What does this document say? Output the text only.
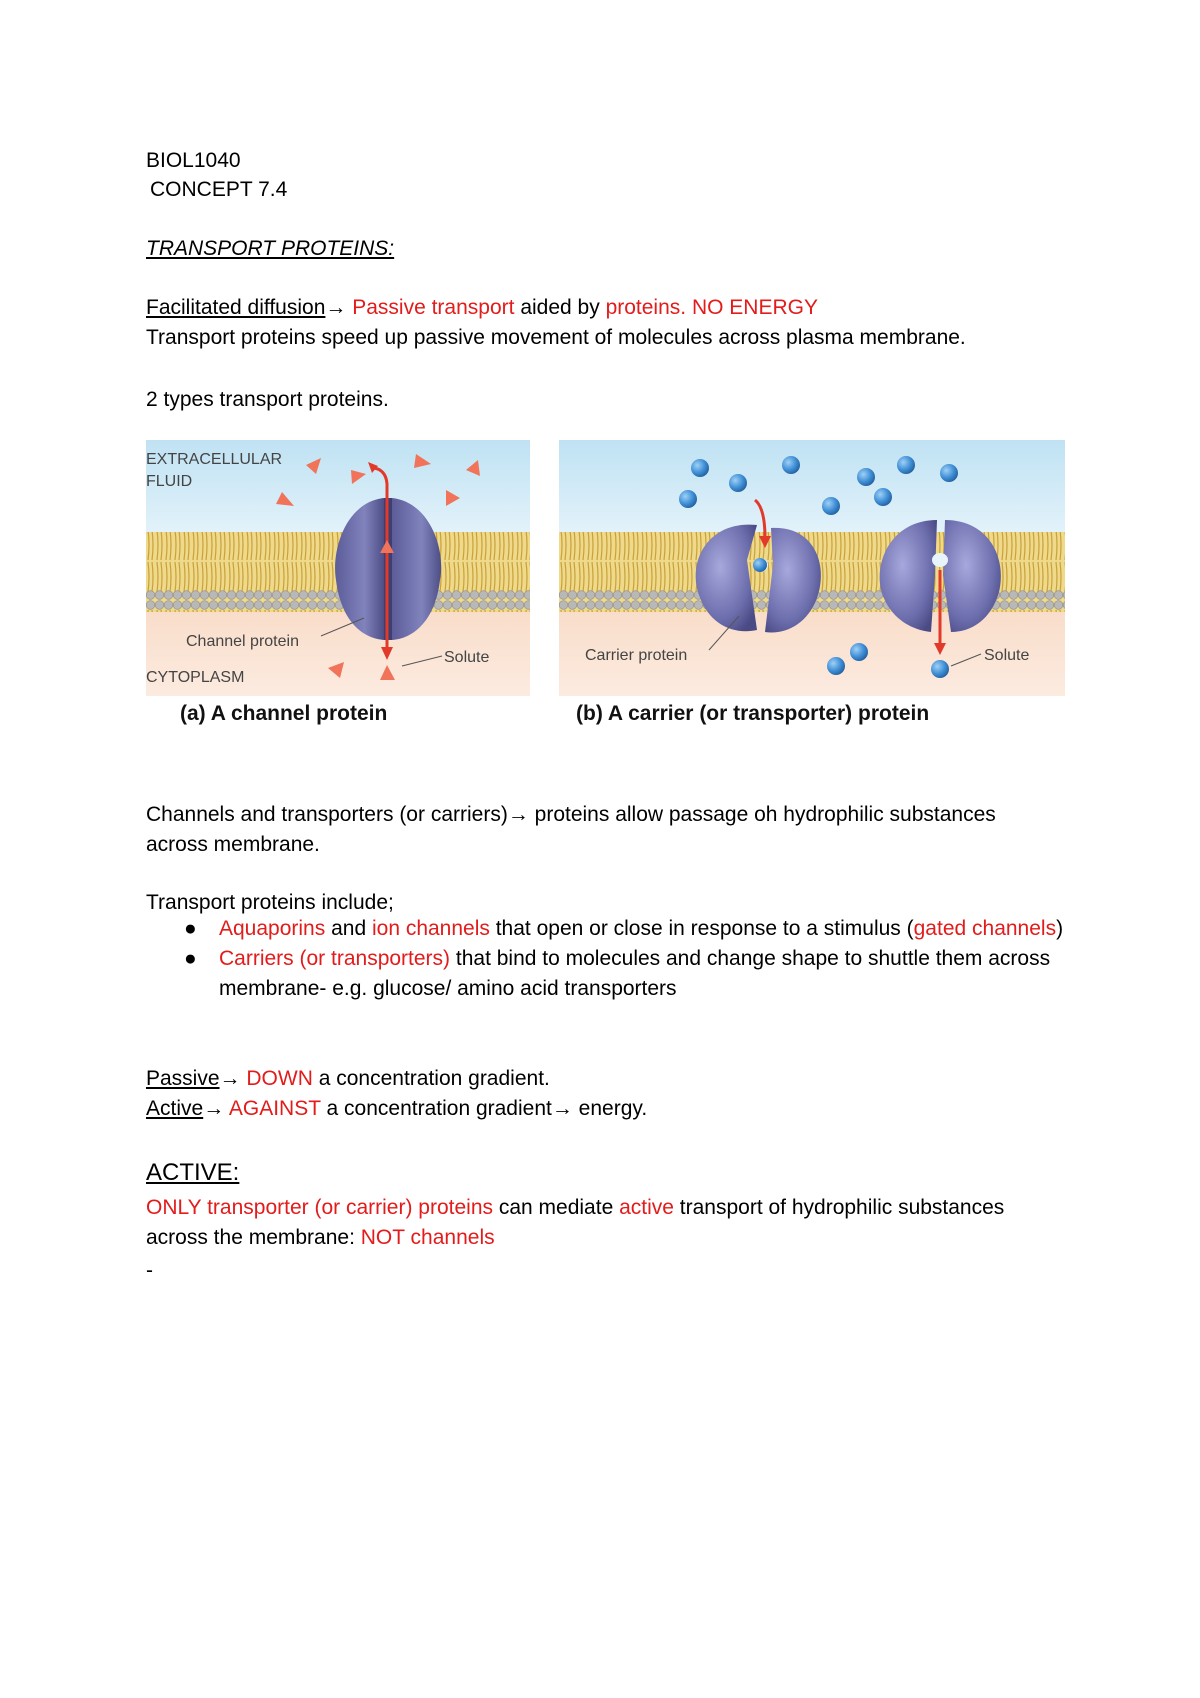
BIOL1040
CONCEPT 7.4
TRANSPORT PROTEINS:
Facilitated diffusion→ Passive transport aided by proteins. NO ENERGY
Transport proteins speed up passive movement of molecules across plasma membrane.
2 types transport proteins.
EXTRACELLULAR
FLUID
Channel protein
Solute
CYTOPLASM
(a) A channel protein
Carrier protein	Solute
(b) A carrier (or transporter) protein
Channels and transporters (or carriers)→ proteins allow passage oh hydrophilic substances
across membrane.
Transport proteins include;
● Aquaporins and ion channels that open or close in response to a stimulus (gated channels)
● Carriers (or transporters) that bind to molecules and change shape to shuttle them across membrane- e.g. glucose/ amino acid transporters
Passive→ DOWN a concentration gradient.
Active→ AGAINST a concentration gradient→ energy.
ACTIVE:
ONLY transporter (or carrier) proteins can mediate active transport of hydrophilic substances
across the membrane: NOT channels
-
